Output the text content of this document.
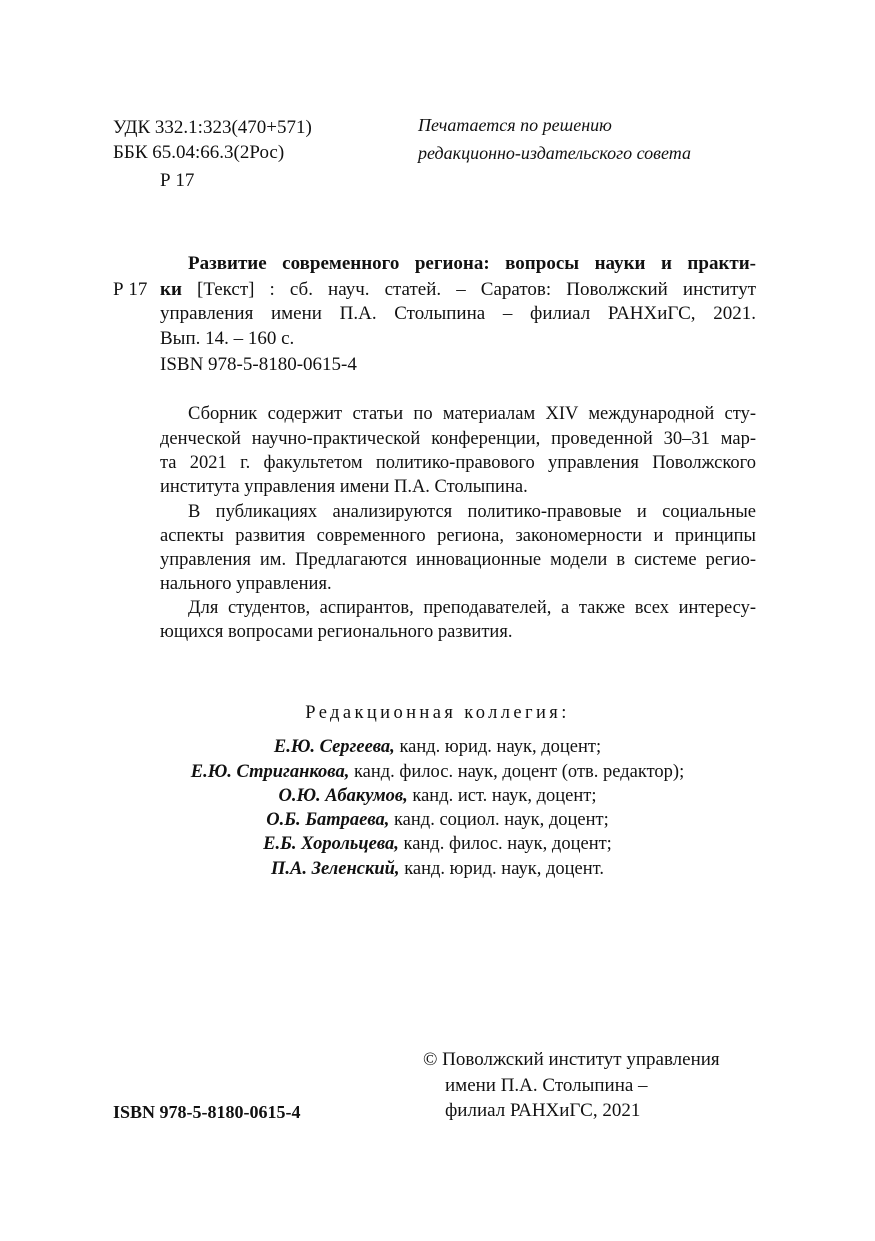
УДК 332.1:323(470+571)
ББК 65.04:66.3(2Рос)
Р 17
Печатается по решению
редакционно-издательского совета
Р 17
Развитие современного региона: вопросы науки и практи-
ки [Текст] : сб. науч. статей. – Саратов: Поволжский институт
управления имени П.А. Столыпина – филиал РАНХиГС, 2021.
Вып. 14. – 160 с.
ISBN 978-5-8180-0615-4
Сборник содержит статьи по материалам XIV международной сту-
денческой научно-практической конференции, проведенной 30–31 мар-
та 2021 г. факультетом политико-правового управления Поволжского
института управления имени П.А. Столыпина.
В публикациях анализируются политико-правовые и социальные
аспекты развития современного региона, закономерности и принципы
управления им. Предлагаются инновационные модели в системе регио-
нального управления.
Для студентов, аспирантов, преподавателей, а также всех интересу-
ющихся вопросами регионального развития.
Редакционная коллегия:
Е.Ю. Сергеева, канд. юрид. наук, доцент;
Е.Ю. Стриганкова, канд. филос. наук, доцент (отв. редактор);
О.Ю. Абакумов, канд. ист. наук, доцент;
О.Б. Батраева, канд. социол. наук, доцент;
Е.Б. Хорольцева, канд. филос. наук, доцент;
П.А. Зеленский, канд. юрид. наук, доцент.
ISBN 978-5-8180-0615-4
© Поволжский институт управления
имени П.А. Столыпина –
филиал РАНХиГС, 2021
